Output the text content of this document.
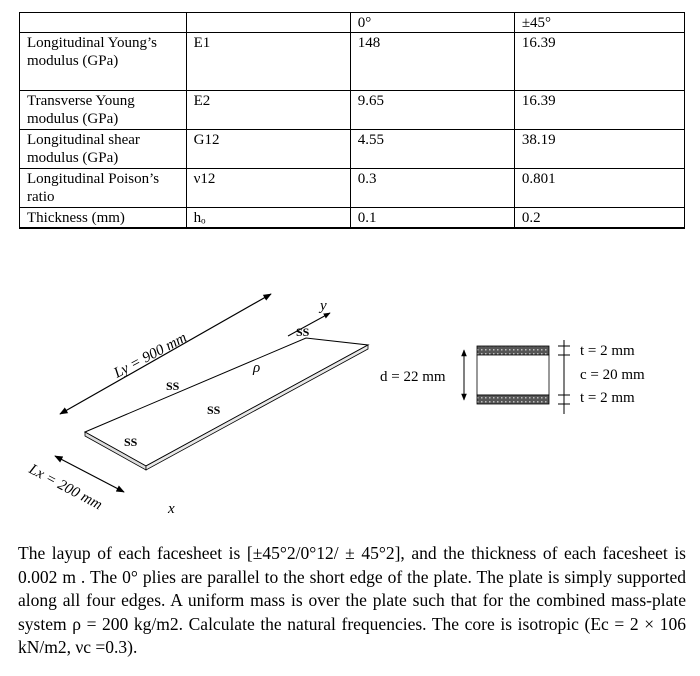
		0°	±45°
Longitudinal Young’s modulus (GPa)	E1	148	16.39
Transverse Young modulus (GPa)	E2	9.65	16.39
Longitudinal shear modulus (GPa)	G12	4.55	38.19
Longitudinal Poison’s ratio	ν12	0.3	0.801
Thickness (mm)	hₒ	0.1	0.2
Ly = 900 mm
Lx = 200 mm
y
x
SS
SS
SS
SS
ρ
d = 22 mm
t = 2 mm
c = 20 mm
t = 2 mm
The layup of each facesheet is [±45°2/0°12/ ± 45°2], and the thickness of each facesheet is 0.002 m . The 0° plies are parallel to the short edge of the plate. The plate is simply supported along all four edges. A uniform mass is over the plate such that for the combined mass-plate system ρ = 200 kg/m2. Calculate the natural frequencies. The core is isotropic (Ec = 2 × 106 kN/m2, νc =0.3).
